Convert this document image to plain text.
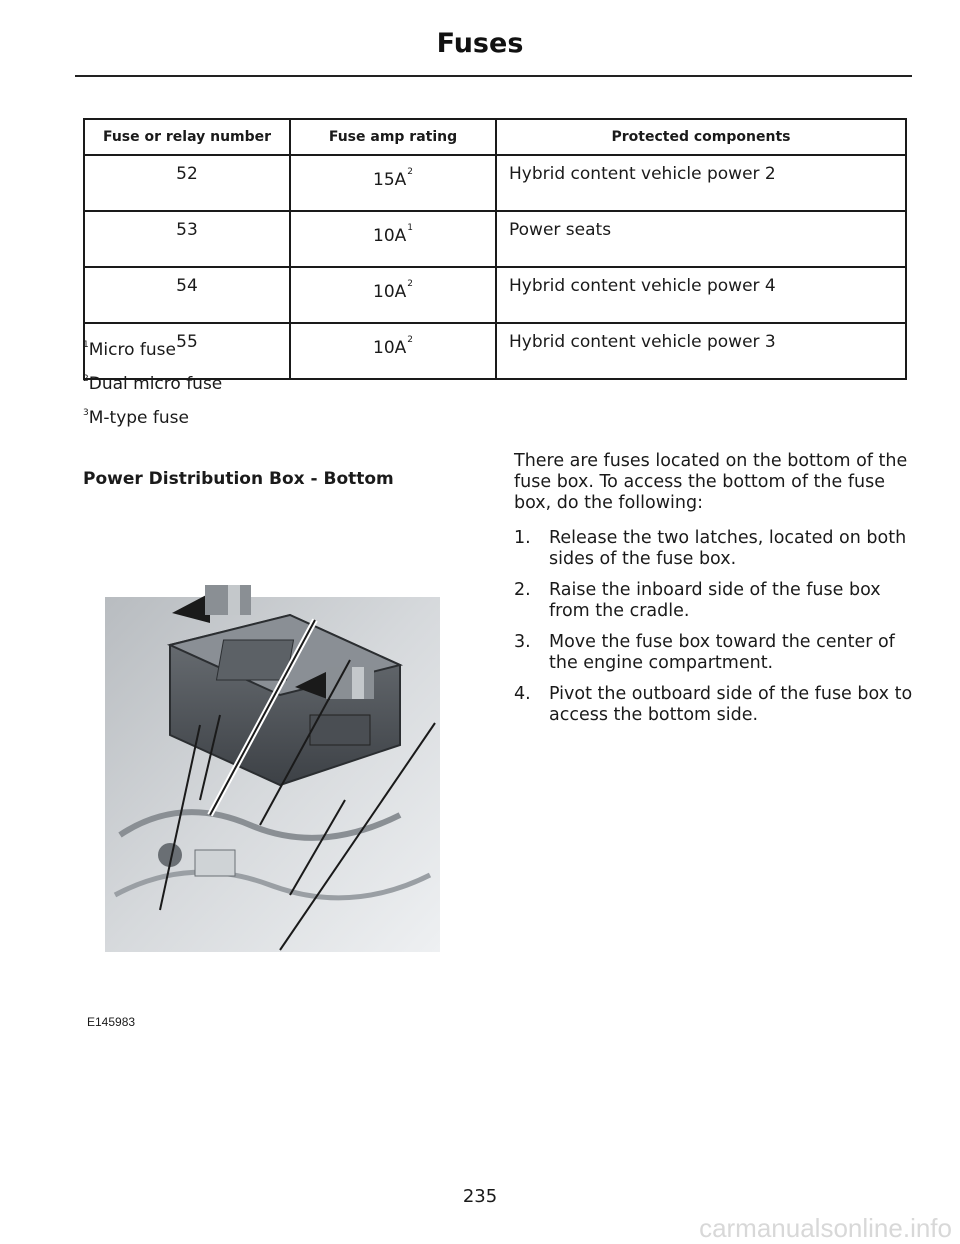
Fuses
Fuse or relay number	Fuse amp rating	Protected components
52	$15A^2$	Hybrid content vehicle power 2
53	$10A^1$	Power seats
54	$10A^2$	Hybrid content vehicle power 4
55	$10A^2$	Hybrid content vehicle power 3
$^1$Micro fuse
$^2$Dual micro fuse
$^3$M-type fuse
Power Distribution Box - Bottom
E145983

There are fuses located on the bottom of the fuse box. To access the bottom of the fuse box, do the following:

1. Release the two latches, located on both sides of the fuse box.
2. Raise the inboard side of the fuse box from the cradle.
3. Move the fuse box toward the center of the engine compartment.
4. Pivot the outboard side of the fuse box to access the bottom side.
235
carmanualsonline.info
